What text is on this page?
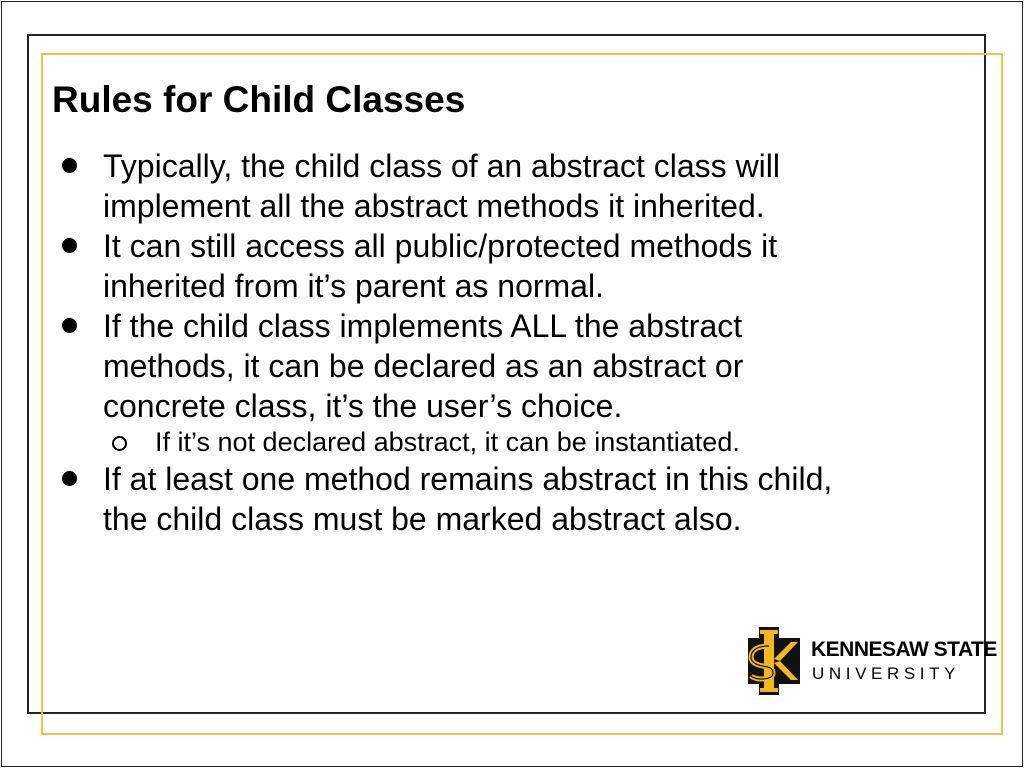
Rules for Child Classes
Typically, the child class of an abstract class will
implement all the abstract methods it inherited.
It can still access all public/protected methods it
inherited from it’s parent as normal.
If the child class implements ALL the abstract
methods, it can be declared as an abstract or
concrete class, it’s the user’s choice.
If it’s not declared abstract, it can be instantiated.
If at least one method remains abstract in this child,
the child class must be marked abstract also.
KENNESAW STATE
UNIVERSITY
